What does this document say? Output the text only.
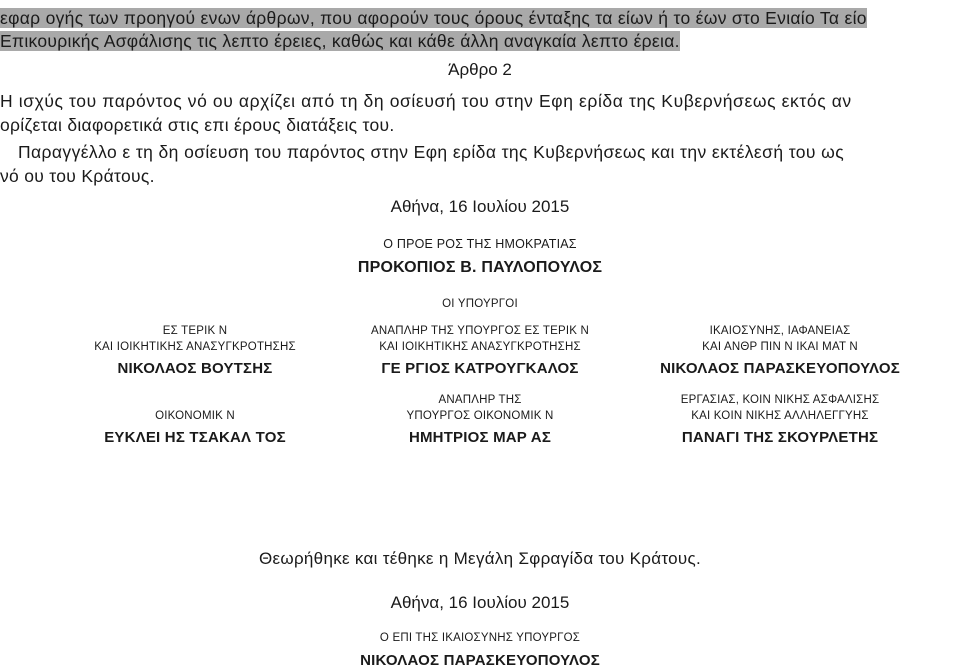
εφαρ ογής των προηγού ενων άρθρων, που αφορούν τους όρους ένταξης τα είων ή το έων στο Ενιαίο Τα είο
Επικουρικής Ασφάλισης τις λεπτο έρειες, καθώς και κάθε άλλη αναγκαία λεπτο έρεια.
Άρθρο 2
Η ισχύς του παρόντος νό ου αρχίζει από τη δη οσίευσή του στην Εφη ερίδα της Κυβερνήσεως εκτός αν
ορίζεται διαφορετικά στις επι έρους διατάξεις του.
Παραγγέλλο ε τη δη οσίευση του παρόντος στην Εφη ερίδα της Κυβερνήσεως και την εκτέλεσή του ως
νό ου του Κράτους.
Αθήνα, 16 Ιουλίου 2015
Ο ΠΡΟΕ ΡΟΣ ΤΗΣ ΗΜΟΚΡΑΤΙΑΣ
ΠΡΟΚΟΠΙΟΣ Β. ΠΑΥΛΟΠΟΥΛΟΣ
ΟΙ ΥΠΟΥΡΓΟΙ
ΕΣ ΤΕΡΙΚ Ν
ΚΑΙ ΙΟΙΚΗΤΙΚΗΣ ΑΝΑΣΥΓΚΡΟΤΗΣΗΣ
ΝΙΚΟΛΑΟΣ ΒΟΥΤΣΗΣ
ΑΝΑΠΛΗΡ ΤΗΣ ΥΠΟΥΡΓΟΣ ΕΣ ΤΕΡΙΚ Ν
ΚΑΙ ΙΟΙΚΗΤΙΚΗΣ ΑΝΑΣΥΓΚΡΟΤΗΣΗΣ
ΓΕ ΡΓΙΟΣ ΚΑΤΡΟΥΓΚΑΛΟΣ
ΙΚΑΙΟΣΥΝΗΣ, ΙΑΦΑΝΕΙΑΣ
ΚΑΙ ΑΝΘΡ ΠΙΝ Ν ΙΚΑΙ ΜΑΤ Ν
ΝΙΚΟΛΑΟΣ ΠΑΡΑΣΚΕΥΟΠΟΥΛΟΣ
ΟΙΚΟΝΟΜΙΚ Ν
ΕΥΚΛΕΙ ΗΣ ΤΣΑΚΑΛ ΤΟΣ
ΑΝΑΠΛΗΡ ΤΗΣ
ΥΠΟΥΡΓΟΣ ΟΙΚΟΝΟΜΙΚ Ν
ΗΜΗΤΡΙΟΣ ΜΑΡ ΑΣ
ΕΡΓΑΣΙΑΣ, ΚΟΙΝ ΝΙΚΗΣ ΑΣΦΑΛΙΣΗΣ
ΚΑΙ ΚΟΙΝ ΝΙΚΗΣ ΑΛΛΗΛΕΓΓΥΗΣ
ΠΑΝΑΓΙ ΤΗΣ ΣΚΟΥΡΛΕΤΗΣ
Θεωρήθηκε και τέθηκε η Μεγάλη Σφραγίδα του Κράτους.
Αθήνα, 16 Ιουλίου 2015
Ο ΕΠΙ ΤΗΣ ΙΚΑΙΟΣΥΝΗΣ ΥΠΟΥΡΓΟΣ
ΝΙΚΟΛΑΟΣ ΠΑΡΑΣΚΕΥΟΠΟΥΛΟΣ
